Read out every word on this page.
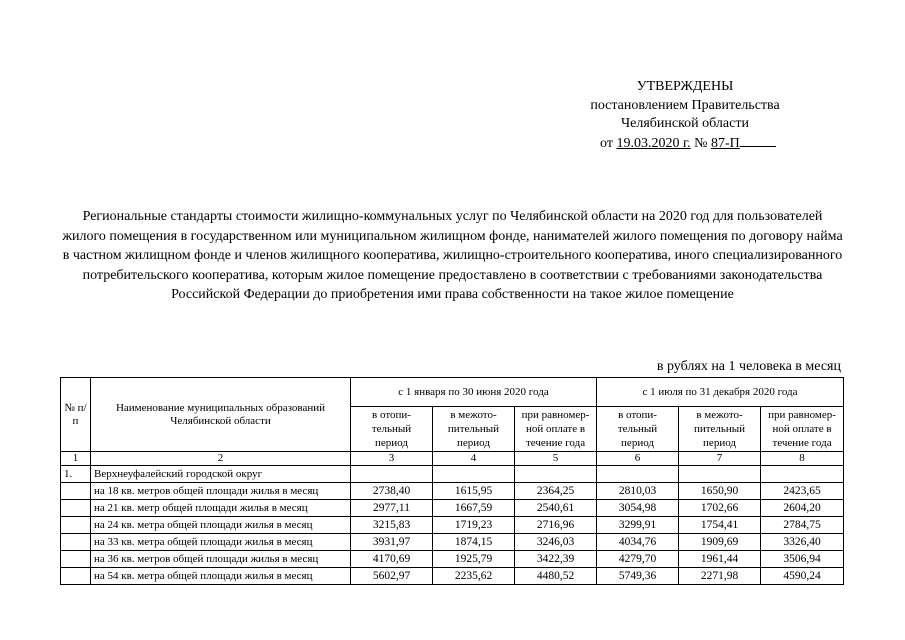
УТВЕРЖДЕНЫ
постановлением Правительства
Челябинской области
от 19.03.2020 г. № 87-П
Региональные стандарты стоимости жилищно-коммунальных услуг по Челябинской области на 2020 год для пользователей жилого помещения в государственном или муниципальном жилищном фонде, нанимателей жилого помещения по договору найма в частном жилищном фонде и членов жилищного кооператива, жилищно-строительного кооператива, иного специализированного потребительского кооператива, которым жилое помещение предоставлено в соответствии с требованиями законодательства Российской Федерации до приобретения ими права собственности на такое жилое помещение
в рублях на 1 человека в месяц
№ п/п	Наименование муниципальных образований Челябинской области	с 1 января по 30 июня 2020 года			с 1 июля по 31 декабря 2020 года		
		в отопи-тельный период	в межото-пительный период	при равномер-ной оплате в течение года	в отопи-тельный период	в межото-пительный период	при равномер-ной оплате в течение года
1	2	3	4	5	6	7	8
1.	Верхнеуфалейский городской округ						
	на 18 кв. метров общей площади жилья в месяц	2738,40	1615,95	2364,25	2810,03	1650,90	2423,65
	на 21 кв. метр общей площади жилья в месяц	2977,11	1667,59	2540,61	3054,98	1702,66	2604,20
	на 24 кв. метра общей площади жилья в месяц	3215,83	1719,23	2716,96	3299,91	1754,41	2784,75
	на 33 кв. метра общей площади жилья в месяц	3931,97	1874,15	3246,03	4034,76	1909,69	3326,40
	на 36 кв. метров общей площади жилья в месяц	4170,69	1925,79	3422,39	4279,70	1961,44	3506,94
	на 54 кв. метра общей площади жилья в месяц	5602,97	2235,62	4480,52	5749,36	2271,98	4590,24
